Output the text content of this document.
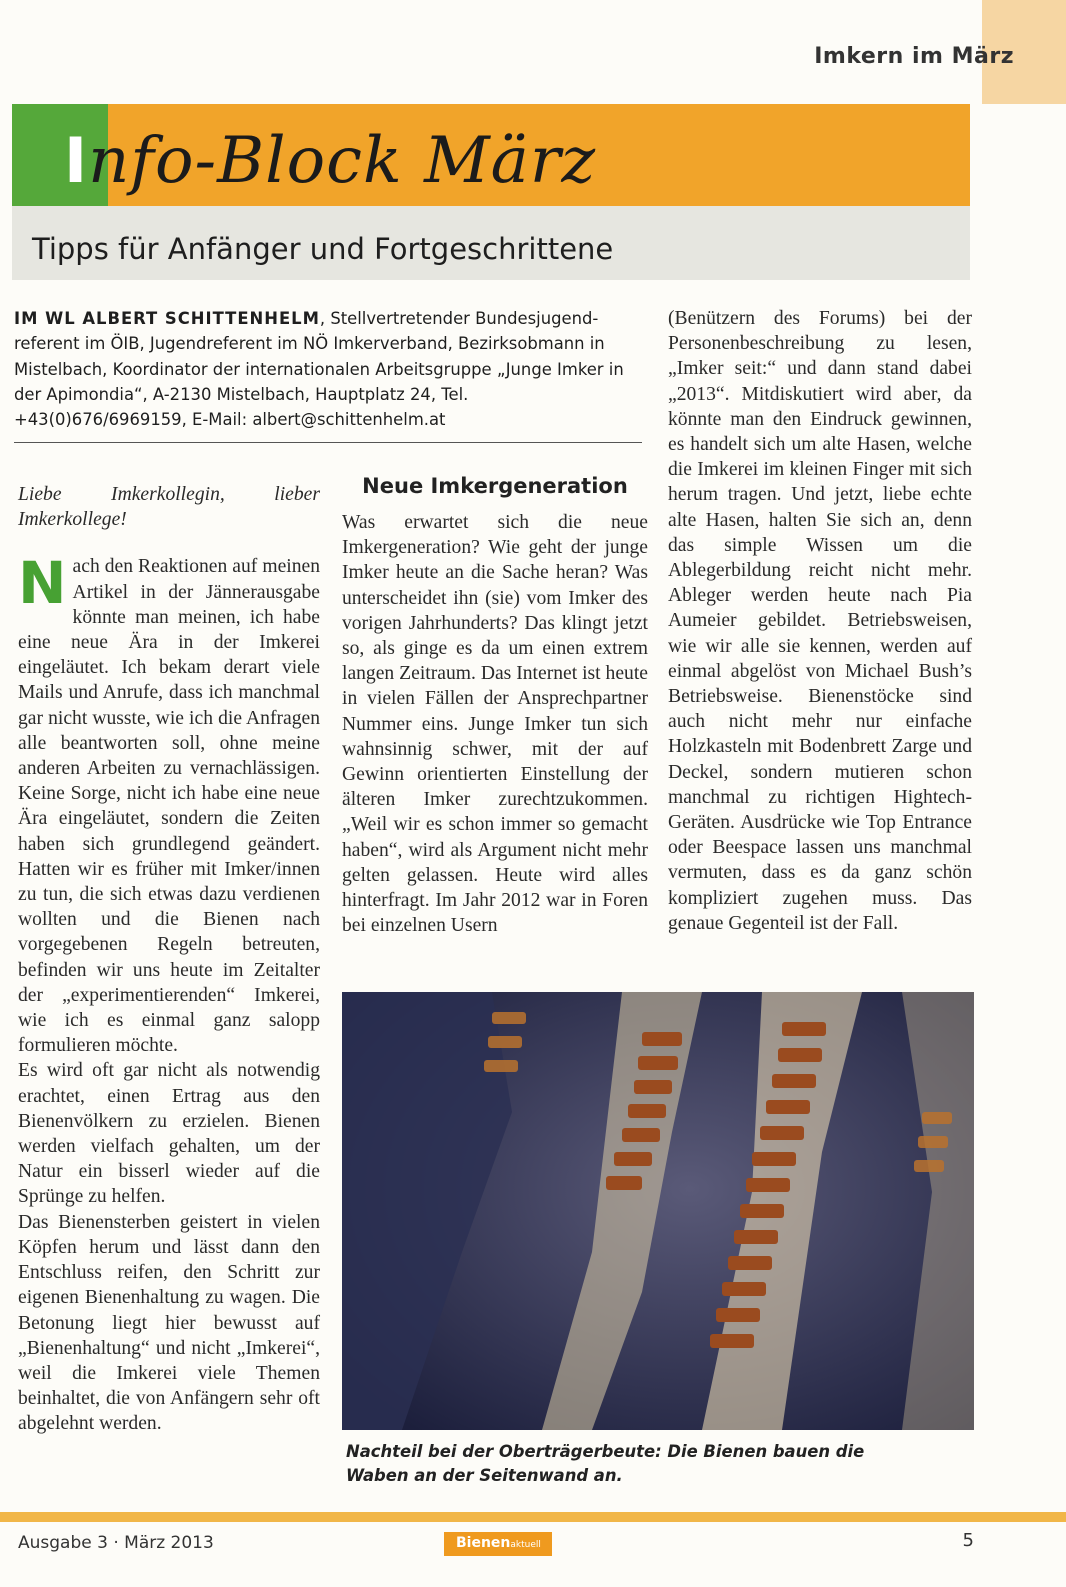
Imkern im März
Info-Block März
Tipps für Anfänger und Fortgeschrittene
IM WL ALBERT SCHITTENHELM, Stellvertretender Bundesjugendreferent im ÖIB, Jugendreferent im NÖ Imkerverband, Bezirksobmann in Mistelbach, Koordinator der internationalen Arbeitsgruppe „Junge Imker in der Apimondia“, A-2130 Mistelbach, Hauptplatz 24, Tel. +43(0)676/6969159, E-Mail: albert@schittenhelm.at

Liebe Imkerkollegin, lieber Imkerkollege!

Nach den Reaktionen auf meinen Artikel in der Jännerausgabe könnte man meinen, ich habe eine neue Ära in der Imkerei eingeläutet. Ich bekam derart viele Mails und Anrufe, dass ich manchmal gar nicht wusste, wie ich die Anfragen alle beantworten soll, ohne meine anderen Arbeiten zu vernachlässigen. Keine Sorge, nicht ich habe eine neue Ära eingeläutet, sondern die Zeiten haben sich grundlegend geändert. Hatten wir es früher mit Imker/innen zu tun, die sich etwas dazu verdienen wollten und die Bienen nach vorgegebenen Regeln betreuten, befinden wir uns heute im Zeitalter der „experimentierenden“ Imkerei, wie ich es einmal ganz salopp formulieren möchte.

Es wird oft gar nicht als notwendig erachtet, einen Ertrag aus den Bienenvölkern zu erzielen. Bienen werden vielfach gehalten, um der Natur ein bisserl wieder auf die Sprünge zu helfen.

Das Bienensterben geistert in vielen Köpfen herum und lässt dann den Entschluss reifen, den Schritt zur eigenen Bienenhaltung zu wagen. Die Betonung liegt hier bewusst auf „Bienenhaltung“ und nicht „Imkerei“, weil die Imkerei viele Themen beinhaltet, die von Anfängern sehr oft abgelehnt werden.

Neue Imkergeneration

Was erwartet sich die neue Imkergeneration? Wie geht der junge Imker heute an die Sache heran? Was unterscheidet ihn (sie) vom Imker des vorigen Jahrhunderts? Das klingt jetzt so, als ginge es da um einen extrem langen Zeitraum. Das Internet ist heute in vielen Fällen der Ansprechpartner Nummer eins. Junge Imker tun sich wahnsinnig schwer, mit der auf Gewinn orientierten Einstellung der älteren Imker zurechtzukommen. „Weil wir es schon immer so gemacht haben“, wird als Argument nicht mehr gelten gelassen. Heute wird alles hinterfragt. Im Jahr 2012 war in Foren bei einzelnen Usern

(Benützern des Forums) bei der Personenbeschreibung zu lesen, „Imker seit:“ und dann stand dabei „2013“. Mitdiskutiert wird aber, da könnte man den Eindruck gewinnen, es handelt sich um alte Hasen, welche die Imkerei im kleinen Finger mit sich herum tragen. Und jetzt, liebe echte alte Hasen, halten Sie sich an, denn das simple Wissen um die Ablegerbildung reicht nicht mehr. Ableger werden heute nach Pia Aumeier gebildet. Betriebsweisen, wie wir alle sie kennen, werden auf einmal abgelöst von Michael Bush’s Betriebsweise. Bienenstöcke sind auch nicht mehr nur einfache Holzkasteln mit Bodenbrett Zarge und Deckel, sondern mutieren schon manchmal zu richtigen Hightech-Geräten. Ausdrücke wie Top Entrance oder Beespace lassen uns manchmal vermuten, dass es da ganz schön kompliziert zugehen muss. Das genaue Gegenteil ist der Fall.

Nachteil bei der Oberträgerbeute: Die Bienen bauen die Waben an der Seitenwand an.
Ausgabe 3 · März 2013	Bienenaktuell	5
